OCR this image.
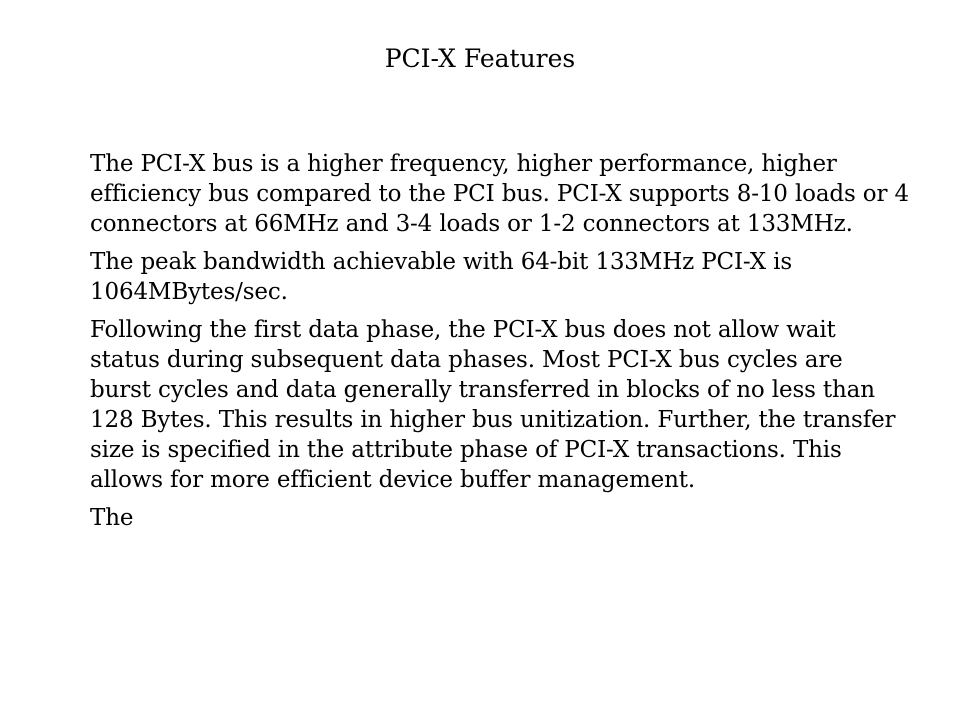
PCI-X Features

The PCI-X bus is a higher frequency, higher performance, higher efficiency bus compared to the PCI bus. PCI-X supports 8-10 loads or 4 connectors at 66MHz and 3-4 loads or 1-2 connectors at 133MHz.

The peak bandwidth achievable with 64-bit 133MHz PCI-X is 1064MBytes/sec.

Following the first data phase, the PCI-X bus does not allow wait status during subsequent data phases. Most PCI-X bus cycles are burst cycles and data generally transferred in blocks of no less than 128 Bytes. This results in higher bus unitization. Further, the transfer size is specified in the attribute phase of PCI-X transactions. This allows for more efficient device buffer management.

The
